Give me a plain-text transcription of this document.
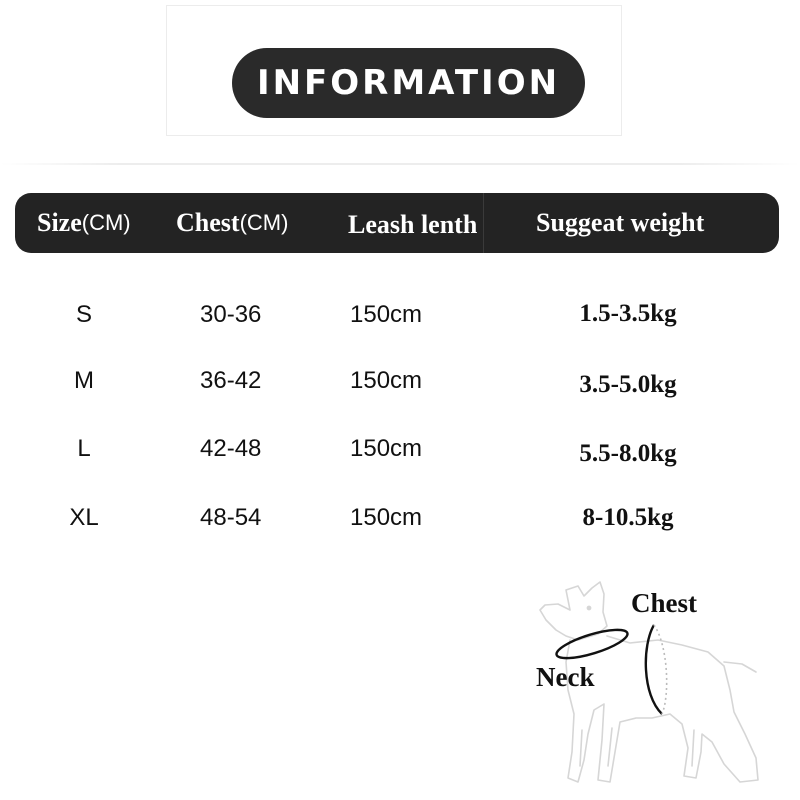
INFORMATION
Size (CM) Chest (CM) Leash lenth Suggeat weight
S	30-36	150cm	1.5-3.5kg
M	36-42	150cm	3.5-5.0kg
L	42-48	150cm	5.5-8.0kg
XL	48-54	150cm	8-10.5kg
Chest
Neck
